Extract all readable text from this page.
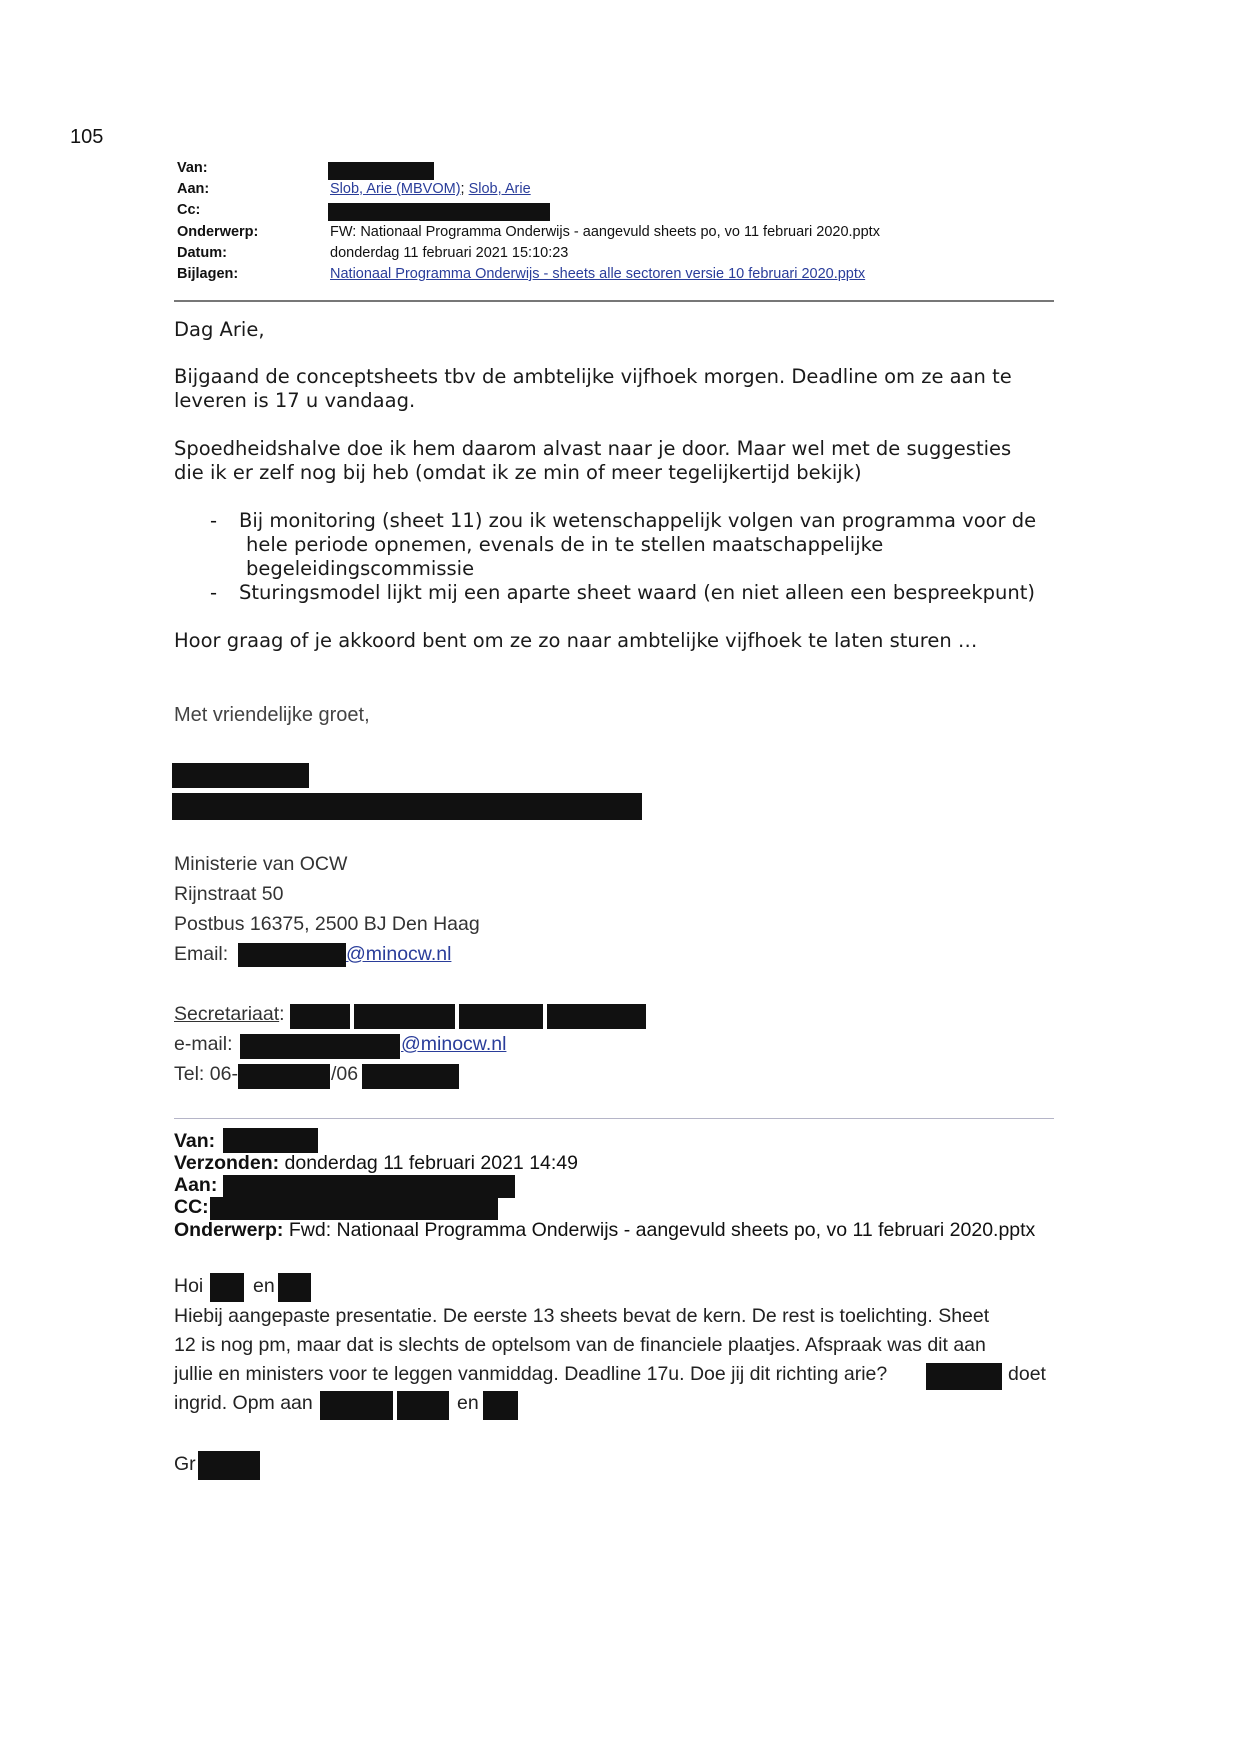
105
Van:
Aan:	Slob, Arie (MBVOM); Slob, Arie
Cc:
Onderwerp:	FW: Nationaal Programma Onderwijs - aangevuld sheets po, vo 11 februari 2020.pptx
Datum:	donderdag 11 februari 2021 15:10:23
Bijlagen:	Nationaal Programma Onderwijs - sheets alle sectoren versie 10 februari 2020.pptx
Dag Arie,
Bijgaand de conceptsheets tbv de ambtelijke vijfhoek morgen. Deadline om ze aan te
leveren is 17 u vandaag.
Spoedheidshalve doe ik hem daarom alvast naar je door. Maar wel met de suggesties
die ik er zelf nog bij heb (omdat ik ze min of meer tegelijkertijd bekijk)
- Bij monitoring (sheet 11) zou ik wetenschappelijk volgen van programma voor de
hele periode opnemen, evenals de in te stellen maatschappelijke
begeleidingscommissie
- Sturingsmodel lijkt mij een aparte sheet waard (en niet alleen een bespreekpunt)
Hoor graag of je akkoord bent om ze zo naar ambtelijke vijfhoek te laten sturen …
Met vriendelijke groet,
Ministerie van OCW
Rijnstraat 50
Postbus 16375, 2500 BJ Den Haag
Email:	@minocw.nl
Secretariaat:
e-mail:	@minocw.nl
Tel: 06-	/06
Van:
Verzonden: donderdag 11 februari 2021 14:49
Aan:
CC:
Onderwerp: Fwd: Nationaal Programma Onderwijs - aangevuld sheets po, vo 11 februari 2020.pptx
Hoi	en
Hiebij aangepaste presentatie. De eerste 13 sheets bevat de kern. De rest is toelichting. Sheet
12 is nog pm, maar dat is slechts de optelsom van de financiele plaatjes. Afspraak was dit aan
jullie en ministers voor te leggen vanmiddag. Deadline 17u. Doe jij dit richting arie?	doet
ingrid. Opm aan	en
Gr
